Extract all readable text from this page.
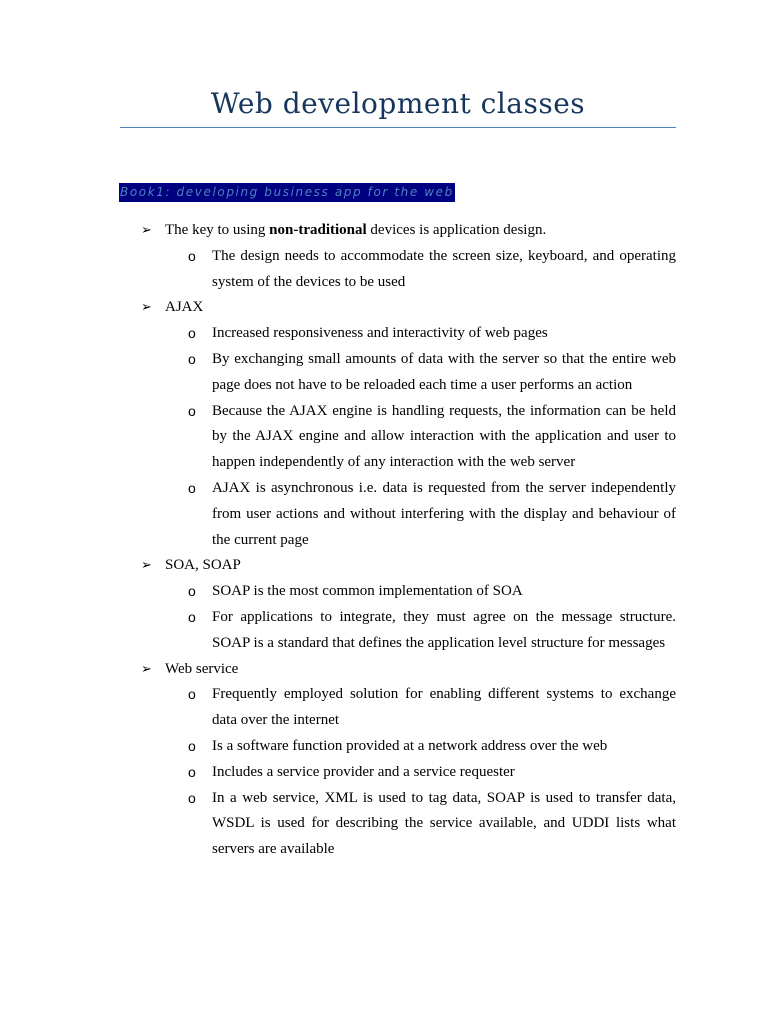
Web development classes
Book1: developing business app for the web
➢ The key to using non-traditional devices is application design.
o The design needs to accommodate the screen size, keyboard, and operating system of the devices to be used
➢ AJAX
o Increased responsiveness and interactivity of web pages
o By exchanging small amounts of data with the server so that the entire web page does not have to be reloaded each time a user performs an action
o Because the AJAX engine is handling requests, the information can be held by the AJAX engine and allow interaction with the application and user to happen independently of any interaction with the web server
o AJAX is asynchronous i.e. data is requested from the server independently from user actions and without interfering with the display and behaviour of the current page
➢ SOA, SOAP
o SOAP is the most common implementation of SOA
o For applications to integrate, they must agree on the message structure. SOAP is a standard that defines the application level structure for messages
➢ Web service
o Frequently employed solution for enabling different systems to exchange data over the internet
o Is a software function provided at a network address over the web
o Includes a service provider and a service requester
o In a web service, XML is used to tag data, SOAP is used to transfer data, WSDL is used for describing the service available, and UDDI lists what servers are available
